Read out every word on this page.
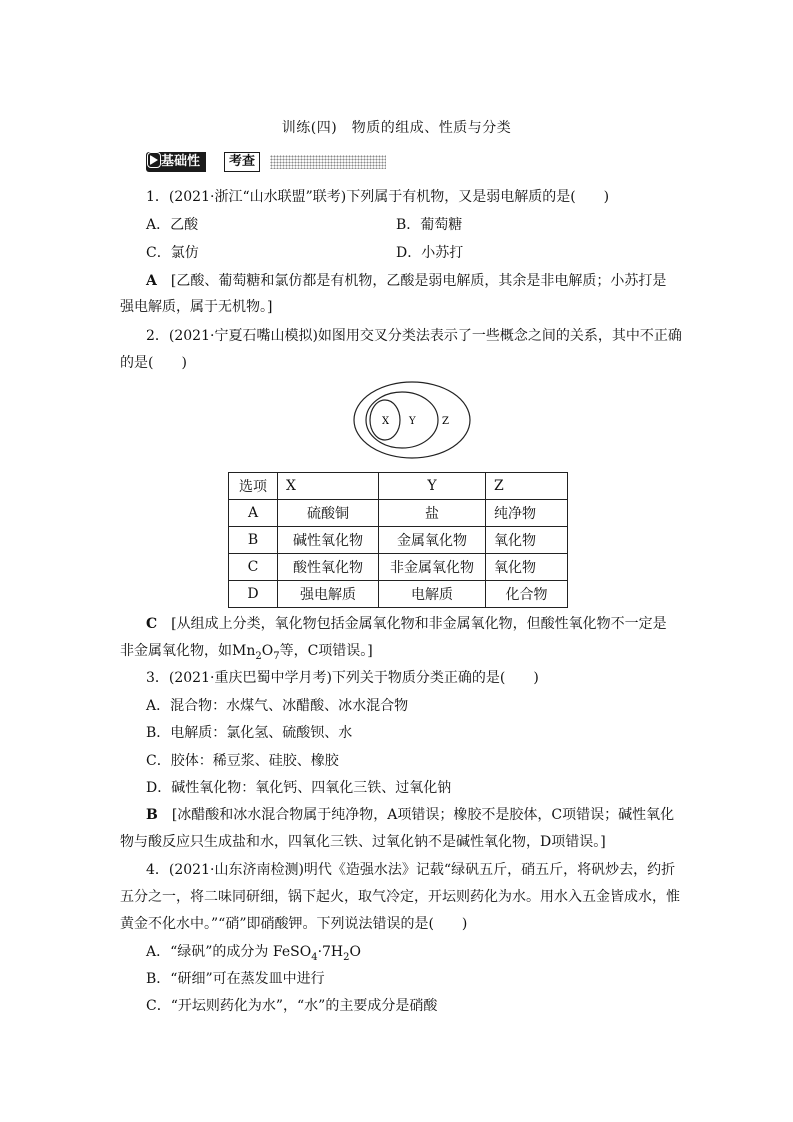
训练(四)　物质的组成、性质与分类
基础性	考查
1．(2021·浙江“山水联盟”联考)下列属于有机物，又是弱电解质的是(　　)
A．乙酸	B．葡萄糖
C．氯仿	D．小苏打
A　[乙酸、葡萄糖和氯仿都是有机物，乙酸是弱电解质，其余是非电解质；小苏打是
强电解质，属于无机物。]
2．(2021·宁夏石嘴山模拟)如图用交叉分类法表示了一些概念之间的关系，其中不正确
的是(　　)
X Y	Z
选项	X	Y	Z
A	硫酸铜	盐	纯净物
B	碱性氧化物	金属氧化物	氧化物
C	酸性氧化物	非金属氧化物	氧化物
D	强电解质	电解质	化合物
C　[从组成上分类，氧化物包括金属氧化物和非金属氧化物，但酸性氧化物不一定是
非金属氧化物，如$Mn_2O_7$等，C项错误。]
3．(2021·重庆巴蜀中学月考)下列关于物质分类正确的是(　　)
A．混合物：水煤气、冰醋酸、冰水混合物
B．电解质：氯化氢、硫酸钡、水
C．胶体：稀豆浆、硅胶、橡胶
D．碱性氧化物：氧化钙、四氧化三铁、过氧化钠
B　[冰醋酸和冰水混合物属于纯净物，A项错误；橡胶不是胶体，C项错误；碱性氧化
物与酸反应只生成盐和水，四氧化三铁、过氧化钠不是碱性氧化物，D项错误。]
4．(2021·山东济南检测)明代《造强水法》记载“绿矾五斤，硝五斤，将矾炒去，约折
五分之一，将二味同研细，锅下起火，取气冷定，开坛则药化为水。用水入五金皆成水，惟
黄金不化水中。”“硝”即硝酸钾。下列说法错误的是(　　)
A．“绿矾”的成分为 $FeSO_4\cdot 7H_2O$
B．“研细”可在蒸发皿中进行
C．“开坛则药化为水”，“水”的主要成分是硝酸
